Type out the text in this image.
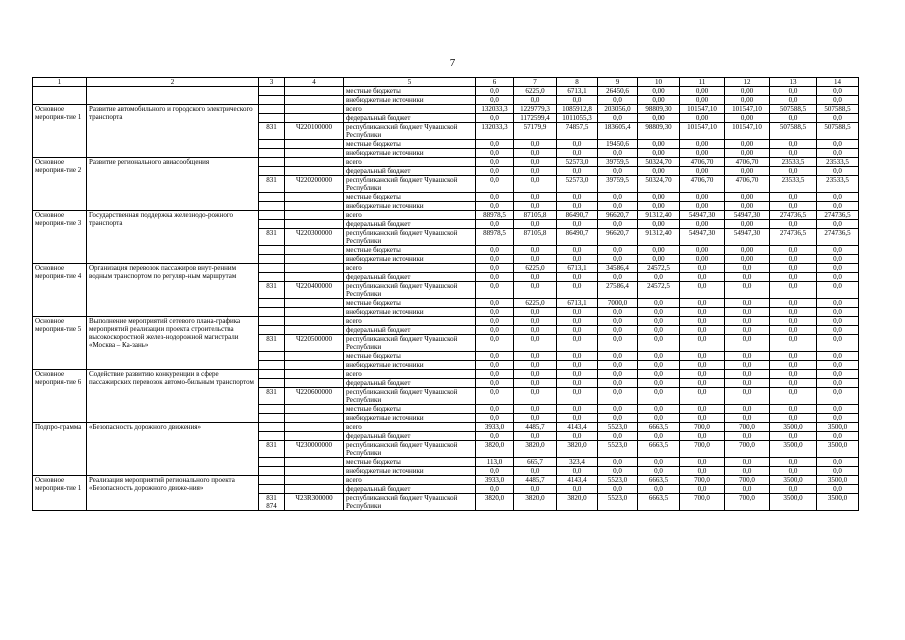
7
1	2	3	4	5	6	7	8	9	10	11	12	13	14
				местные бюджеты	0,0	6225,0	6713,1	26450,6	0,00	0,00	0,00	0,0	0,0
				внебюджетные источники	0,0	0,0	0,0	0,0	0,00	0,00	0,00	0,0	0,0
Основное мероприя-тие 1	Развитие автомобильного и городского электрического транспорта			всего	132033,3	1229779,3	1085912,8	203056,0	98809,30	101547,10	101547,10	507588,5	507588,5
				федеральный бюджет	0,0	1172599,4	1011055,3	0,0	0,00	0,00	0,00	0,0	0,0
		831	Ч220100000	республиканский бюджет Чувашской Республики	132033,3	57179,9	74857,5	183605,4	98809,30	101547,10	101547,10	507588,5	507588,5
				местные бюджеты	0,0	0,0	0,0	19450,6	0,00	0,00	0,00	0,0	0,0
				внебюджетные источники	0,0	0,0	0,0	0,0	0,00	0,00	0,00	0,0	0,0
Основное мероприя-тие 2	Развитие регионального авиасообщения			всего	0,0	0,0	52573,0	39759,5	50324,70	4706,70	4706,70	23533,5	23533,5
				федеральный бюджет	0,0	0,0	0,0	0,0	0,00	0,00	0,00	0,0	0,0
		831	Ч220200000	республиканский бюджет Чувашской Республики	0,0	0,0	52573,0	39759,5	50324,70	4706,70	4706,70	23533,5	23533,5
				местные бюджеты	0,0	0,0	0,0	0,0	0,00	0,00	0,00	0,0	0,0
				внебюджетные источники	0,0	0,0	0,0	0,0	0,00	0,00	0,00	0,0	0,0
Основное мероприя-тие 3	Государственная поддержка железнодо-рожного транспорта			всего	88978,5	87105,8	86490,7	96620,7	91312,40	54947,30	54947,30	274736,5	274736,5
				федеральный бюджет	0,0	0,0	0,0	0,0	0,00	0,00	0,00	0,0	0,0
		831	Ч220300000	республиканский бюджет Чувашской Республики	88978,5	87105,8	86490,7	96620,7	91312,40	54947,30	54947,30	274736,5	274736,5
				местные бюджеты	0,0	0,0	0,0	0,0	0,00	0,00	0,00	0,0	0,0
				внебюджетные источники	0,0	0,0	0,0	0,0	0,00	0,00	0,00	0,0	0,0
Основное мероприя-тие 4	Организация перевозок пассажиров внут-ренним водным транспортом по регуляр-ным маршрутам			всего	0,0	6225,0	6713,1	34586,4	24572,5	0,0	0,0	0,0	0,0
				федеральный бюджет	0,0	0,0	0,0	0,0	0,0	0,0	0,0	0,0	0,0
		831	Ч220400000	республиканский бюджет Чувашской Республики	0,0	0,0	0,0	27586,4	24572,5	0,0	0,0	0,0	0,0
				местные бюджеты	0,0	6225,0	6713,1	7000,0	0,0	0,0	0,0	0,0	0,0
				внебюджетные источники	0,0	0,0	0,0	0,0	0,0	0,0	0,0	0,0	0,0
Основное мероприя-тие 5	Выполнение мероприятий сетевого плана-графика мероприятий реализации проекта строительства высокоскоростной желез-нодорожной магистрали «Москва – Ка-зань»			всего	0,0	0,0	0,0	0,0	0,0	0,0	0,0	0,0	0,0
				федеральный бюджет	0,0	0,0	0,0	0,0	0,0	0,0	0,0	0,0	0,0
		831	Ч220500000	республиканский бюджет Чувашской Республики	0,0	0,0	0,0	0,0	0,0	0,0	0,0	0,0	0,0
				местные бюджеты	0,0	0,0	0,0	0,0	0,0	0,0	0,0	0,0	0,0
				внебюджетные источники	0,0	0,0	0,0	0,0	0,0	0,0	0,0	0,0	0,0
Основное мероприя-тие 6	Содействие развитию конкуренции в сфере пассажирских перевозок автомо-бильным транспортом			всего	0,0	0,0	0,0	0,0	0,0	0,0	0,0	0,0	0,0
				федеральный бюджет	0,0	0,0	0,0	0,0	0,0	0,0	0,0	0,0	0,0
		831	Ч220600000	республиканский бюджет Чувашской Республики	0,0	0,0	0,0	0,0	0,0	0,0	0,0	0,0	0,0
				местные бюджеты	0,0	0,0	0,0	0,0	0,0	0,0	0,0	0,0	0,0
				внебюджетные источники	0,0	0,0	0,0	0,0	0,0	0,0	0,0	0,0	0,0
Подпро-грамма	«Безопасность дорожного движения»			всего	3933,0	4485,7	4143,4	5523,0	6663,5	700,0	700,0	3500,0	3500,0
				федеральный бюджет	0,0	0,0	0,0	0,0	0,0	0,0	0,0	0,0	0,0
		831	Ч230000000	республиканский бюджет Чувашской Республики	3820,0	3820,0	3820,0	5523,0	6663,5	700,0	700,0	3500,0	3500,0
				местные бюджеты	113,0	665,7	323,4	0,0	0,0	0,0	0,0	0,0	0,0
				внебюджетные источники	0,0	0,0	0,0	0,0	0,0	0,0	0,0	0,0	0,0
Основное мероприя-тие 1	Реализация мероприятий регионального проекта «Безопасность дорожного движе-ния»			всего	3933,0	4485,7	4143,4	5523,0	6663,5	700,0	700,0	3500,0	3500,0
				федеральный бюджет	0,0	0,0	0,0	0,0	0,0	0,0	0,0	0,0	0,0
		831 874	Ч23R300000	республиканский бюджет Чувашской Республики	3820,0	3820,0	3820,0	5523,0	6663,5	700,0	700,0	3500,0	3500,0
